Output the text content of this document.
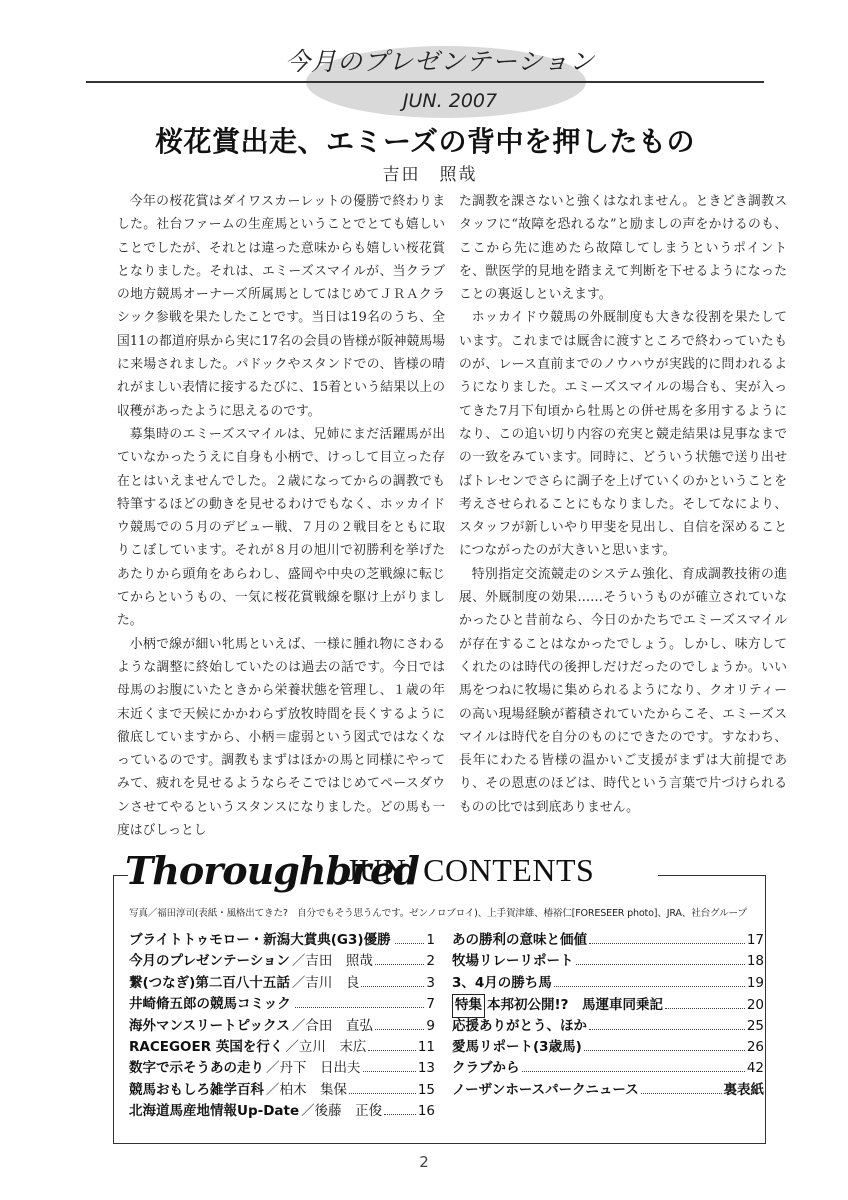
今月のプレゼンテーション
JUN. 2007
桜花賞出走、エミーズの背中を押したもの
吉田　照哉

今年の桜花賞はダイワスカーレットの優勝で終わりました。社台ファームの生産馬ということでとても嬉しいことでしたが、それとは違った意味からも嬉しい桜花賞となりました。それは、エミーズスマイルが、当クラブの地方競馬オーナーズ所属馬としてはじめてＪＲＡクラシック参戦を果たしたことです。当日は19名のうち、全国11の都道府県から実に17名の会員の皆様が阪神競馬場に来場されました。パドックやスタンドでの、皆様の晴れがましい表情に接するたびに、15着という結果以上の収穫があったように思えるのです。

募集時のエミーズスマイルは、兄姉にまだ活躍馬が出ていなかったうえに自身も小柄で、けっして目立った存在とはいえませんでした。２歳になってからの調教でも特筆するほどの動きを見せるわけでもなく、ホッカイドウ競馬での５月のデビュー戦、７月の２戦目をともに取りこぼしています。それが８月の旭川で初勝利を挙げたあたりから頭角をあらわし、盛岡や中央の芝戦線に転じてからというもの、一気に桜花賞戦線を駆け上がりました。

小柄で線が細い牝馬といえば、一様に腫れ物にさわるような調整に終始していたのは過去の話です。今日では母馬のお腹にいたときから栄養状態を管理し、１歳の年末近くまで天候にかかわらず放牧時間を長くするように徹底していますから、小柄＝虚弱という図式ではなくなっているのです。調教もまずはほかの馬と同様にやってみて、疲れを見せるようならそこではじめてペースダウンさせてやるというスタンスになりました。どの馬も一度はびしっとし

た調教を課さないと強くはなれません。ときどき調教スタッフに“故障を恐れるな”と励ましの声をかけるのも、ここから先に進めたら故障してしまうというポイントを、獣医学的見地を踏まえて判断を下せるようになったことの裏返しといえます。

ホッカイドウ競馬の外厩制度も大きな役割を果たしています。これまでは厩舎に渡すところで終わっていたものが、レース直前までのノウハウが実践的に問われるようになりました。エミーズスマイルの場合も、実が入ってきた7月下旬頃から牡馬との併せ馬を多用するようになり、この追い切り内容の充実と競走結果は見事なまでの一致をみています。同時に、どういう状態で送り出せばトレセンでさらに調子を上げていくのかということを考えさせられることにもなりました。そしてなにより、スタッフが新しいやり甲斐を見出し、自信を深めることにつながったのが大きいと思います。

特別指定交流競走のシステム強化、育成調教技術の進展、外厩制度の効果……そういうものが確立されていなかったひと昔前なら、今日のかたちでエミーズスマイルが存在することはなかったでしょう。しかし、味方してくれたのは時代の後押しだけだったのでしょうか。いい馬をつねに牧場に集められるようになり、クオリティーの高い現場経験が蓄積されていたからこそ、エミーズスマイルは時代を自分のものにできたのです。すなわち、長年にわたる皆様の温かいご支援がまずは大前提であり、その恩恵のほどは、時代という言葉で片づけられるものの比では到底ありません。

Thoroughbred
JUN. CONTENTS
写真／福田淳司(表紙・風格出てきた?　自分でもそう思うんです。ゼンノロブロイ)、上手賀津雄、椿裕仁[FORESEER photo]、JRA、社台グループ
ブライトトゥモロー・新潟大賞典(G3)優勝	1
今月のプレゼンテーション ／吉田　照哉	2
繋(つなぎ)第二百八十五話 ／吉川　良	3
井崎脩五郎の競馬コミック	7
海外マンスリートピックス ／合田　直弘	9
RACEGOER 英国を行く ／立川　末広	11
数字で示そうあの走り ／丹下　日出夫	13
競馬おもしろ雑学百科 ／柏木　集保	15
北海道馬産地情報Up-Date ／後藤　正俊	16
あの勝利の意味と価値	17
牧場リレーリポート	18
3、4月の勝ち馬	19
特集 本邦初公開!?　馬運車同乗記	20
応援ありがとう、ほか	25
愛馬リポート(3歳馬)	26
クラブから	42
ノーザンホースパークニュース	裏表紙
2
